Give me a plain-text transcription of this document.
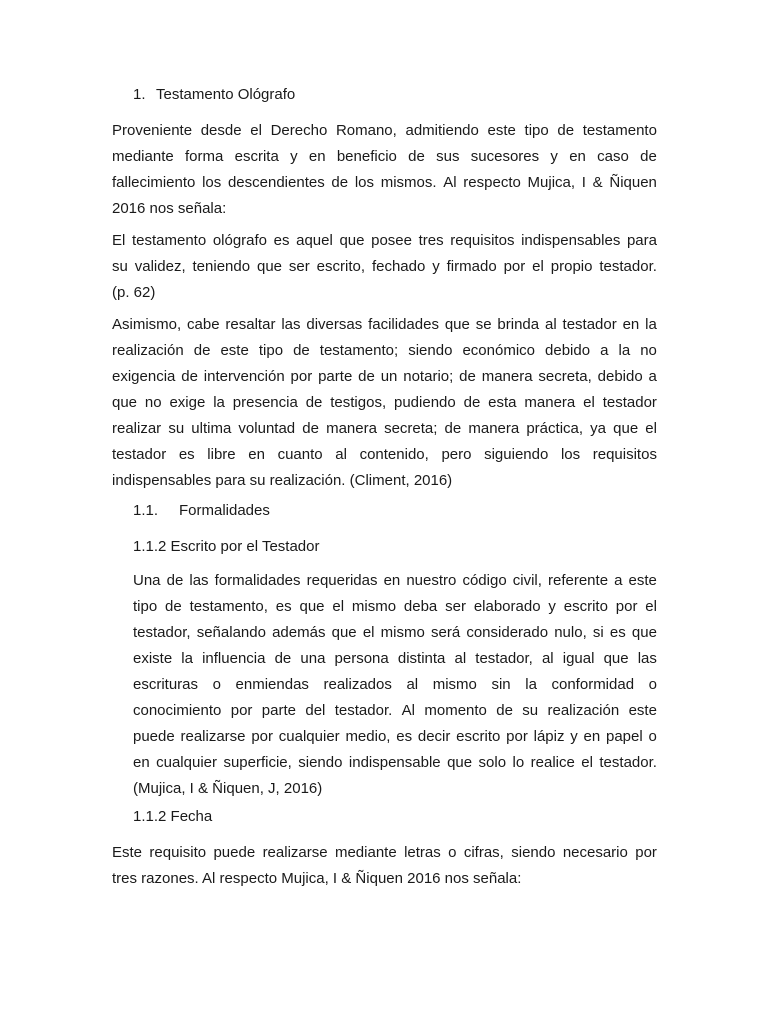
1. Testamento Ológrafo
Proveniente desde el Derecho Romano, admitiendo este tipo de testamento
mediante forma escrita y en beneficio de sus sucesores y en caso de
fallecimiento los descendientes de los mismos. Al respecto Mujica, I & Ñiquen
2016 nos señala:
El testamento ológrafo es aquel que posee tres requisitos indispensables para
su validez, teniendo que ser escrito, fechado y firmado por el propio testador.
(p. 62)
Asimismo, cabe resaltar las diversas facilidades que se brinda al testador en la
realización de este tipo de testamento; siendo económico debido a la no
exigencia de intervención por parte de un notario; de manera secreta, debido a
que no exige la presencia de testigos, pudiendo de esta manera el testador
realizar su ultima voluntad de manera secreta; de manera práctica, ya que el
testador es libre en cuanto al contenido, pero siguiendo los requisitos
indispensables para su realización. (Climent, 2016)
1.1. Formalidades
1.1.2 Escrito por el Testador
Una de las formalidades requeridas en nuestro código civil, referente a este
tipo de testamento, es que el mismo deba ser elaborado y escrito por el
testador, señalando además que el mismo será considerado nulo, si es que
existe la influencia de una persona distinta al testador, al igual que las
escrituras o enmiendas realizados al mismo sin la conformidad o
conocimiento por parte del testador. Al momento de su realización este
puede realizarse por cualquier medio, es decir escrito por lápiz y en papel o
en cualquier superficie, siendo indispensable que solo lo realice el testador.
(Mujica, I & Ñiquen, J, 2016)
1.1.2 Fecha
Este requisito puede realizarse mediante letras o cifras, siendo necesario por
tres razones. Al respecto Mujica, I & Ñiquen 2016 nos señala:
